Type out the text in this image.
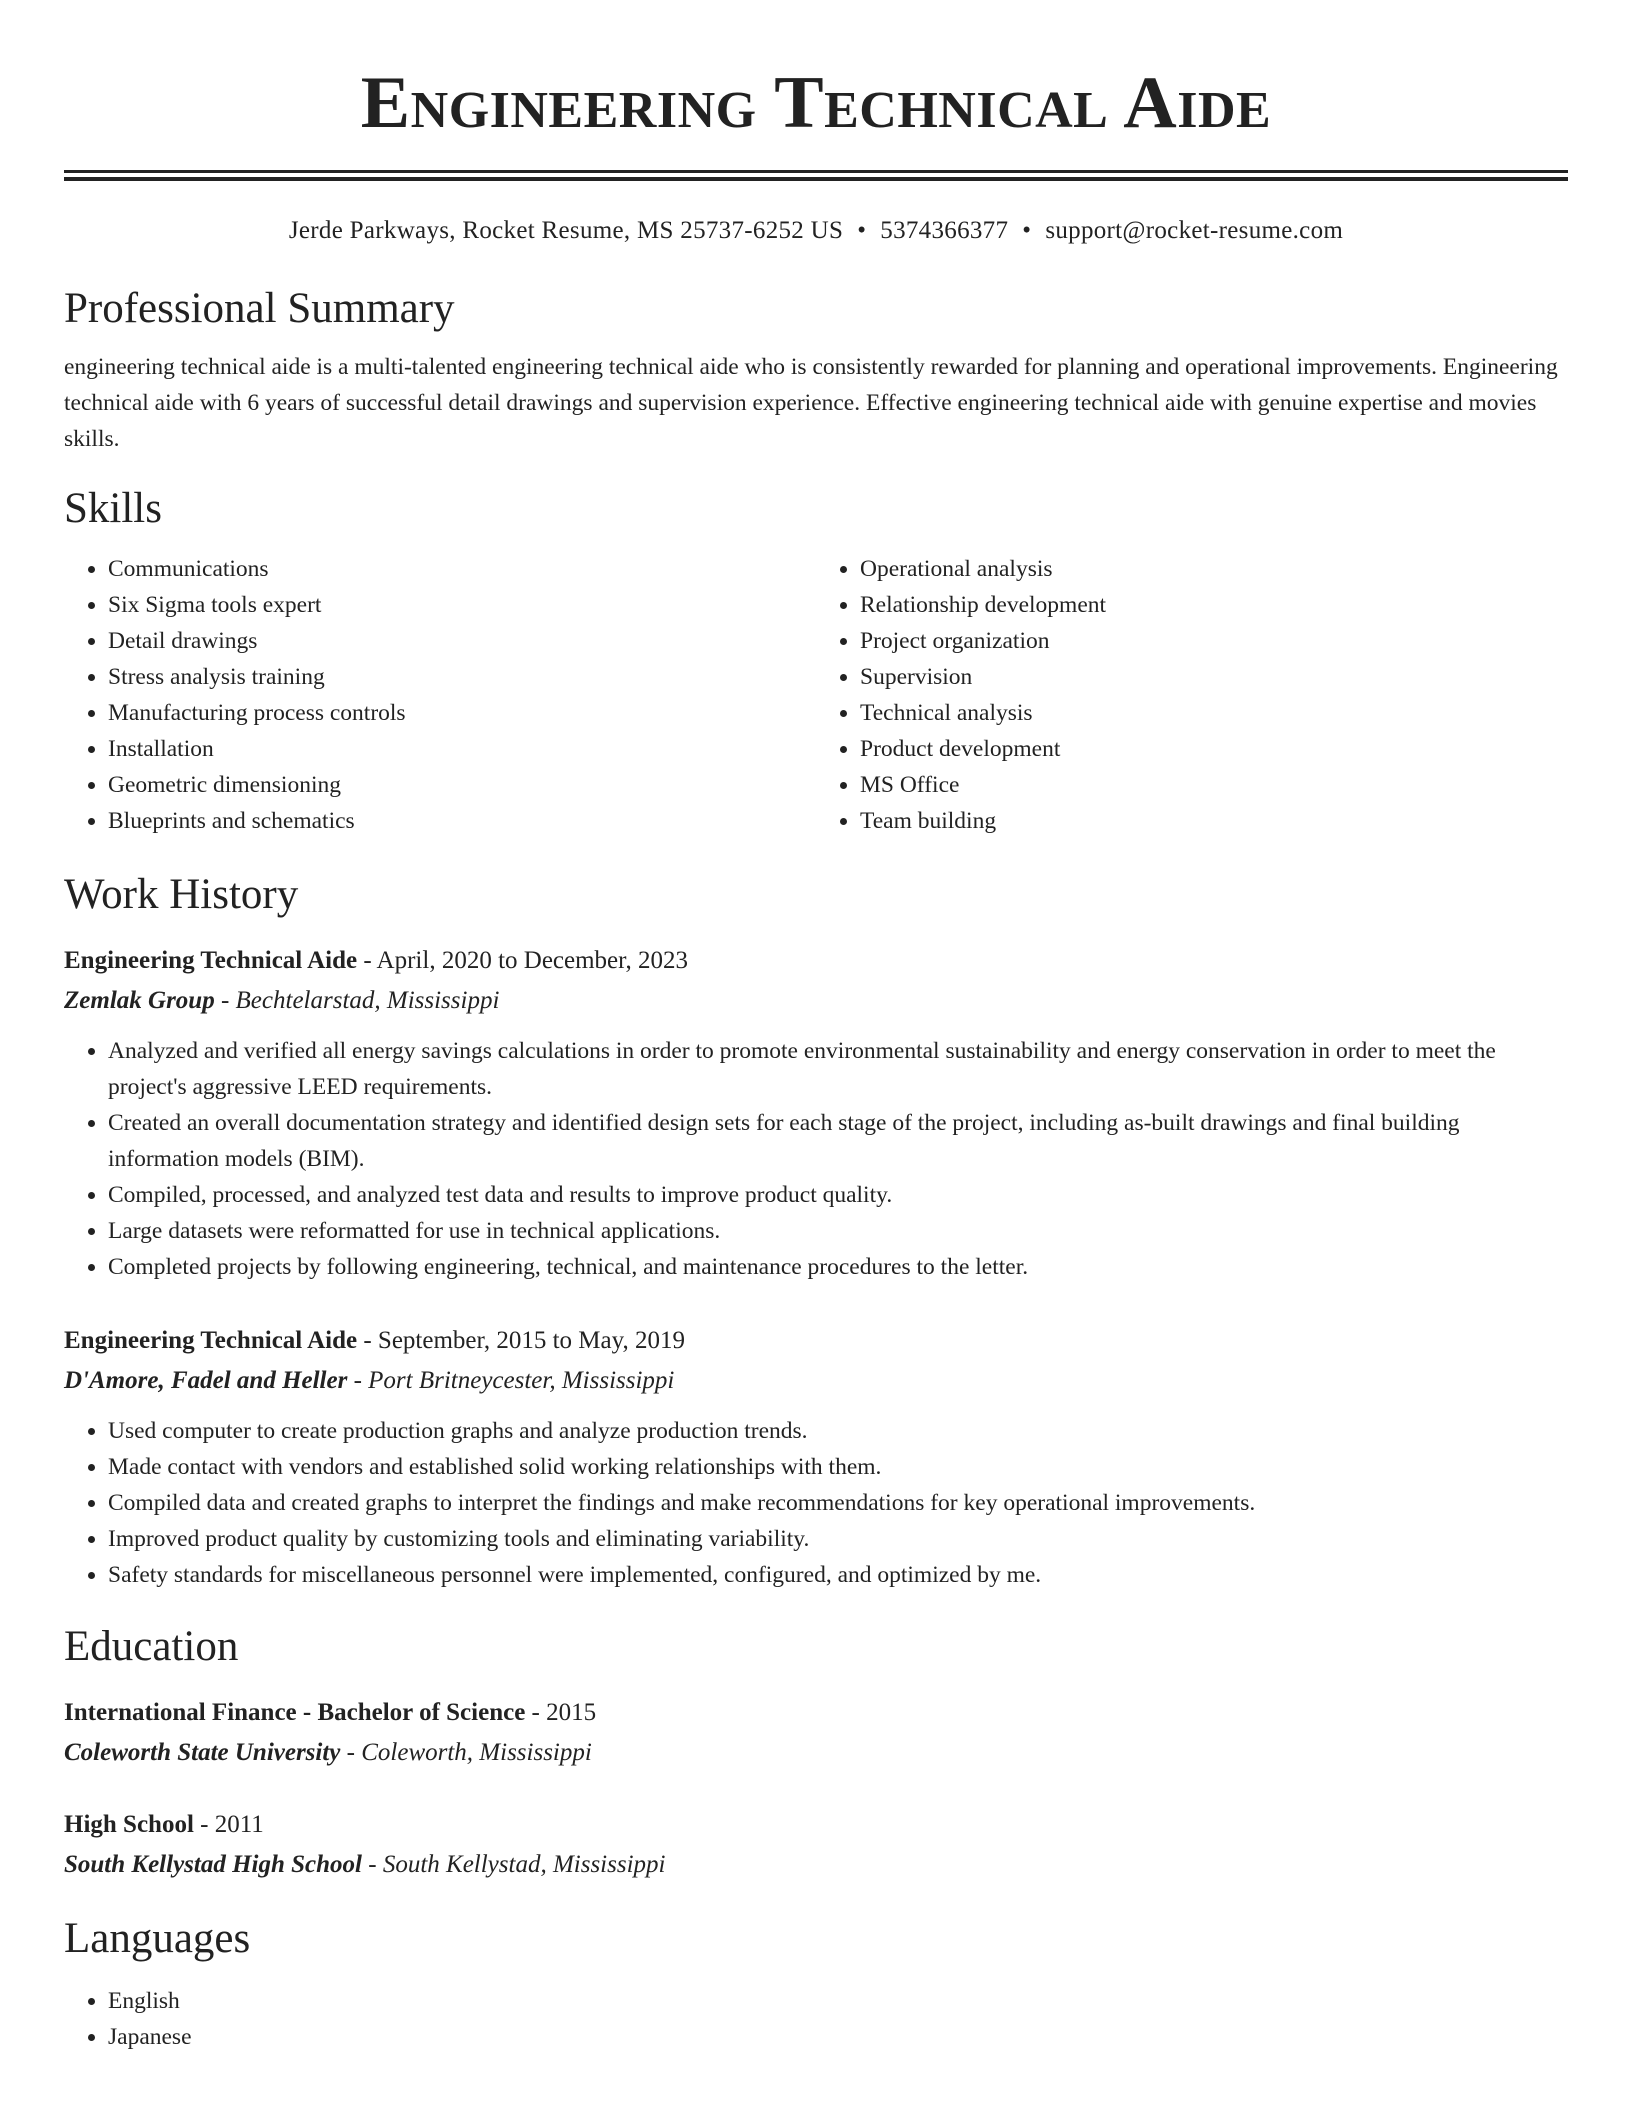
Engineering Technical Aide
Jerde Parkways, Rocket Resume, MS 25737-6252 US • 5374366377 • support@rocket-resume.com
Professional Summary

engineering technical aide is a multi-talented engineering technical aide who is consistently rewarded for planning and operational improvements. Engineering technical aide with 6 years of successful detail drawings and supervision experience. Effective engineering technical aide with genuine expertise and movies skills.

Skills
• Communications
• Six Sigma tools expert
• Detail drawings
• Stress analysis training
• Manufacturing process controls
• Installation
• Geometric dimensioning
• Blueprints and schematics
• Operational analysis
• Relationship development
• Project organization
• Supervision
• Technical analysis
• Product development
• MS Office
• Team building
Work History
Engineering Technical Aide - April, 2020 to December, 2023
Zemlak Group - Bechtelarstad, Mississippi
• Analyzed and verified all energy savings calculations in order to promote environmental sustainability and energy conservation in order to meet the project's aggressive LEED requirements.
• Created an overall documentation strategy and identified design sets for each stage of the project, including as-built drawings and final building information models (BIM).
• Compiled, processed, and analyzed test data and results to improve product quality.
• Large datasets were reformatted for use in technical applications.
• Completed projects by following engineering, technical, and maintenance procedures to the letter.
Engineering Technical Aide - September, 2015 to May, 2019
D'Amore, Fadel and Heller - Port Britneycester, Mississippi
• Used computer to create production graphs and analyze production trends.
• Made contact with vendors and established solid working relationships with them.
• Compiled data and created graphs to interpret the findings and make recommendations for key operational improvements.
• Improved product quality by customizing tools and eliminating variability.
• Safety standards for miscellaneous personnel were implemented, configured, and optimized by me.
Education
International Finance - Bachelor of Science - 2015
Coleworth State University - Coleworth, Mississippi
High School - 2011
South Kellystad High School - South Kellystad, Mississippi
Languages
• English
• Japanese
